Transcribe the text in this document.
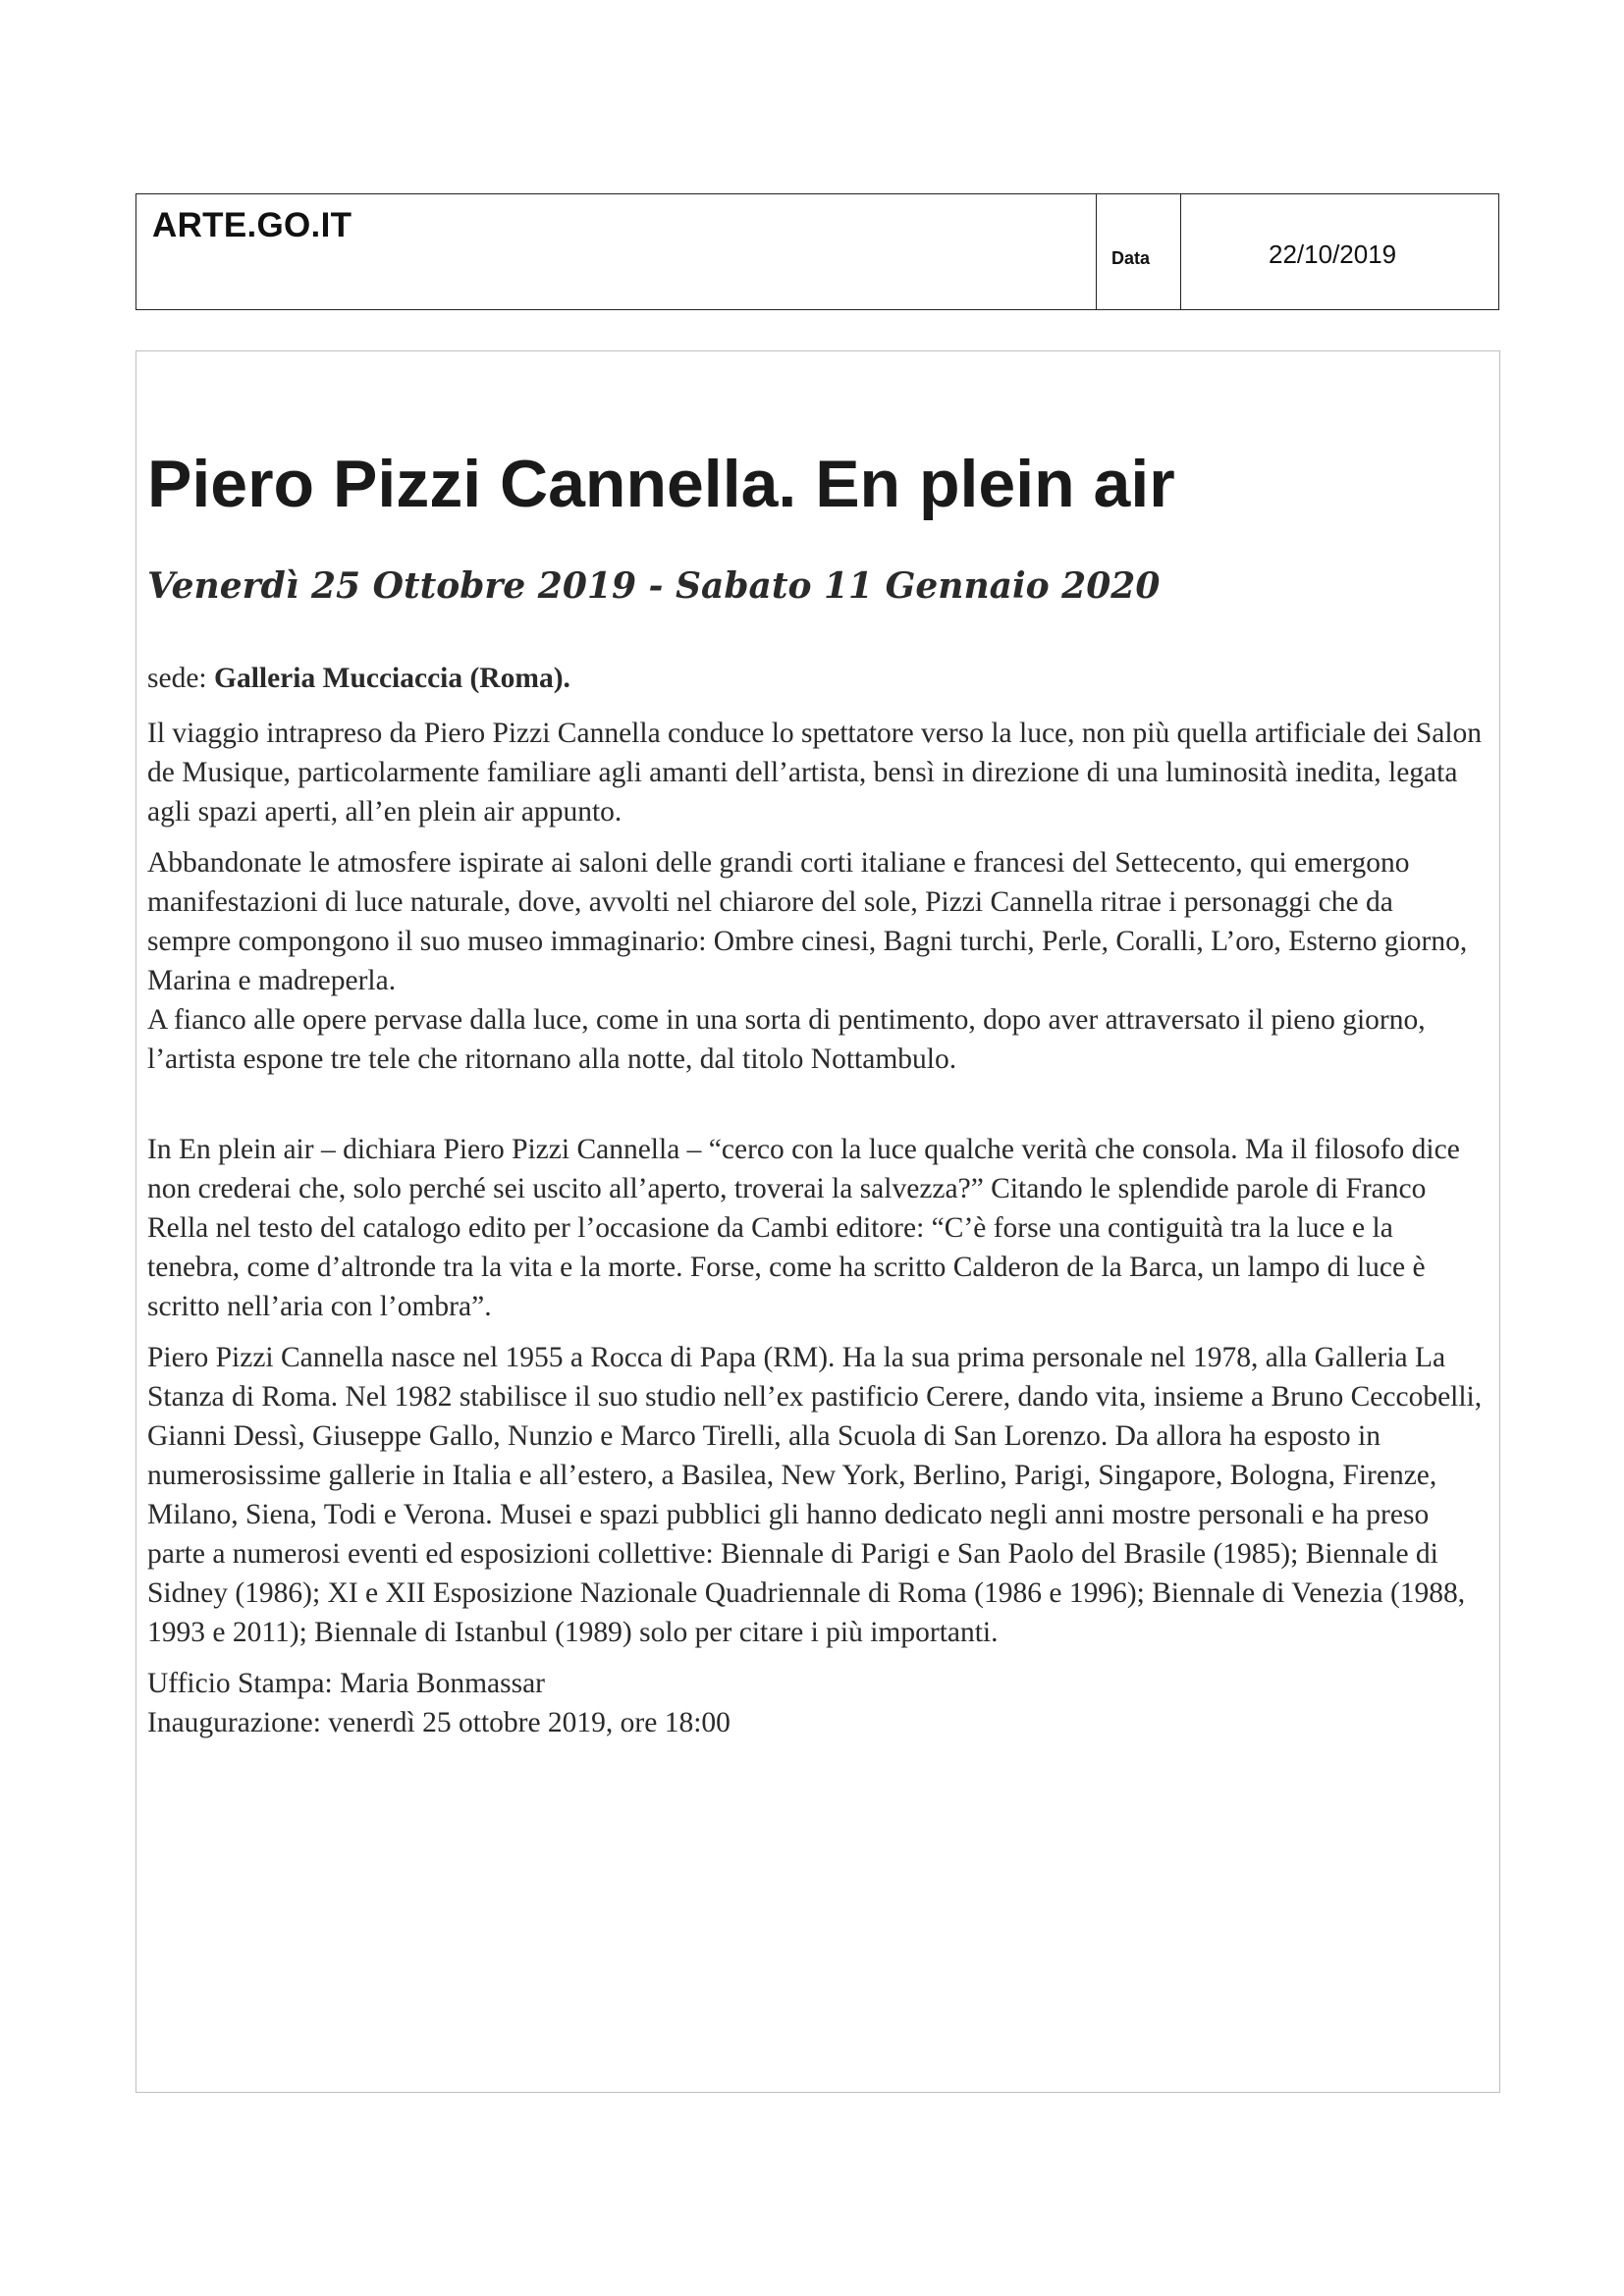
ARTE.GO.IT
Data	22/10/2019
Piero Pizzi Cannella. En plein air
Venerdì 25 Ottobre 2019 - Sabato 11 Gennaio 2020

sede: Galleria Mucciaccia (Roma).

Il viaggio intrapreso da Piero Pizzi Cannella conduce lo spettatore verso la luce, non più quella artificiale dei Salon de Musique, particolarmente familiare agli amanti dell’artista, bensì in direzione di una luminosità inedita, legata agli spazi aperti, all’en plein air appunto.

Abbandonate le atmosfere ispirate ai saloni delle grandi corti italiane e francesi del Settecento, qui emergono manifestazioni di luce naturale, dove, avvolti nel chiarore del sole, Pizzi Cannella ritrae i personaggi che da sempre compongono il suo museo immaginario: Ombre cinesi, Bagni turchi, Perle, Coralli, L’oro, Esterno giorno, Marina e madreperla.

A fianco alle opere pervase dalla luce, come in una sorta di pentimento, dopo aver attraversato il pieno giorno, l’artista espone tre tele che ritornano alla notte, dal titolo Nottambulo.

In En plein air – dichiara Piero Pizzi Cannella – “cerco con la luce qualche verità che consola. Ma il filosofo dice non crederai che, solo perché sei uscito all’aperto, troverai la salvezza?” Citando le splendide parole di Franco Rella nel testo del catalogo edito per l’occasione da Cambi editore: “C’è forse una contiguità tra la luce e la tenebra, come d’altronde tra la vita e la morte. Forse, come ha scritto Calderon de la Barca, un lampo di luce è scritto nell’aria con l’ombra”.

Piero Pizzi Cannella nasce nel 1955 a Rocca di Papa (RM). Ha la sua prima personale nel 1978, alla Galleria La Stanza di Roma. Nel 1982 stabilisce il suo studio nell’ex pastificio Cerere, dando vita, insieme a Bruno Ceccobelli, Gianni Dessì, Giuseppe Gallo, Nunzio e Marco Tirelli, alla Scuola di San Lorenzo. Da allora ha esposto in numerosissime gallerie in Italia e all’estero, a Basilea, New York, Berlino, Parigi, Singapore, Bologna, Firenze, Milano, Siena, Todi e Verona. Musei e spazi pubblici gli hanno dedicato negli anni mostre personali e ha preso parte a numerosi eventi ed esposizioni collettive: Biennale di Parigi e San Paolo del Brasile (1985); Biennale di Sidney (1986); XI e XII Esposizione Nazionale Quadriennale di Roma (1986 e 1996); Biennale di Venezia (1988, 1993 e 2011); Biennale di Istanbul (1989) solo per citare i più importanti.

Ufficio Stampa: Maria Bonmassar

Inaugurazione: venerdì 25 ottobre 2019, ore 18:00
